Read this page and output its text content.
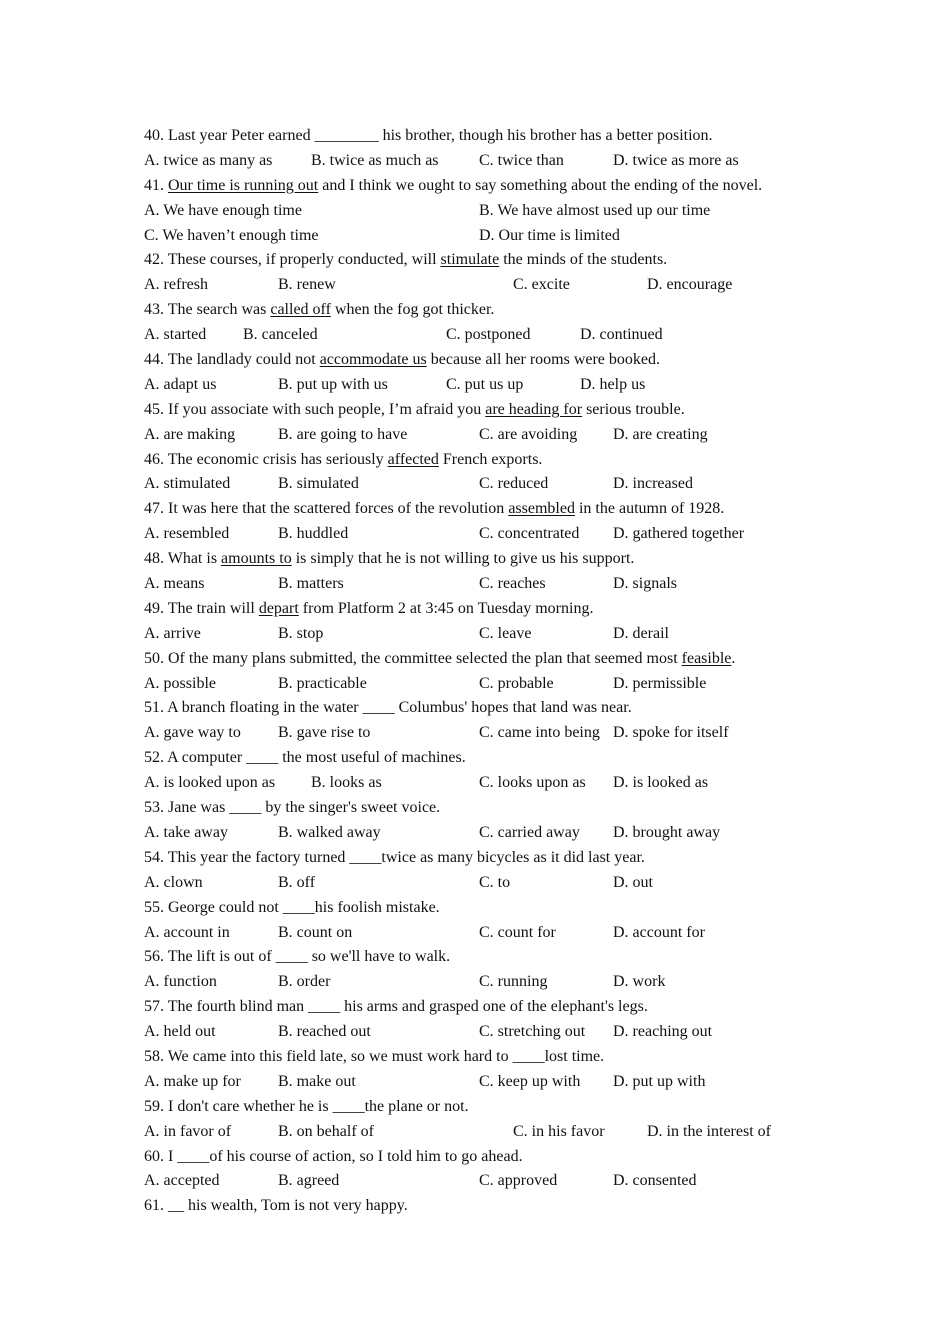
40. Last year Peter earned ________ his brother, though his brother has a better position.
A. twice as many as B. twice as much as	C. twice than	D. twice as more as
41. Our time is running out and I think we ought to say something about the ending of the novel.
A. We have enough time	B. We have almost used up our time
C. We haven’t enough time	D. Our time is limited
42. These courses, if properly conducted, will stimulate the minds of the students.
A. refresh	B. renew	C. excite	D. encourage
43. The search was called off when the fog got thicker.
A. started B. canceled	C. postponed	D. continued
44. The landlady could not accommodate us because all her rooms were booked.
A. adapt us	B. put up with us	C. put us up	D. help us
45. If you associate with such people, I’m afraid you are heading for serious trouble.
A. are making	B. are going to have	C. are avoiding D. are creating
46. The economic crisis has seriously affected French exports.
A. stimulated	B. simulated	C. reduced	D. increased
47. It was here that the scattered forces of the revolution assembled in the autumn of 1928.
A. resembled	B. huddled	C. concentrated D. gathered together
48. What is amounts to is simply that he is not willing to give us his support.
A. means	B. matters	C. reaches	D. signals
49. The train will depart from Platform 2 at 3:45 on Tuesday morning.
A. arrive	B. stop	C. leave	D. derail
50. Of the many plans submitted, the committee selected the plan that seemed most feasible.
A. possible	B. practicable	C. probable	D. permissible
51. A branch floating in the water ____ Columbus' hopes that land was near.
A. gave way to B. gave rise to	C. came into being D. spoke for itself
52. A computer ____ the most useful of machines.
A. is looked upon as B. looks as	C. looks upon as D. is looked as
53. Jane was ____ by the singer's sweet voice.
A. take away	B. walked away	C. carried away D. brought away
54. This year the factory turned ____twice as many bicycles as it did last year.
A. clown	B. off	C. to	D. out
55. George could not ____his foolish mistake.
A. account in	B. count on	C. count for	D. account for
56. The lift is out of ____ so we'll have to walk.
A. function	B. order	C. running	D. work
57. The fourth blind man ____ his arms and grasped one of the elephant's legs.
A. held out	B. reached out	C. stretching out D. reaching out
58. We came into this field late, so we must work hard to ____lost time.
A. make up for B. make out	C. keep up with D. put up with
59. I don't care whether he is ____the plane or not.
A. in favor of	B. on behalf of	C. in his favor	D. in the interest of
60. I ____of his course of action, so I told him to go ahead.
A. accepted	B. agreed	C. approved	D. consented
61. __ his wealth, Tom is not very happy.
